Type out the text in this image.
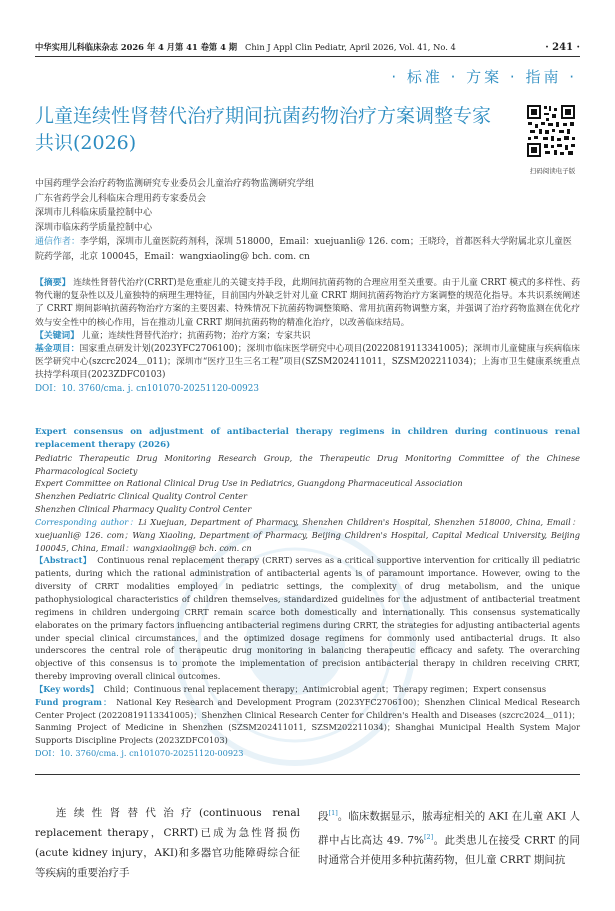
中华实用儿科临床杂志 2026 年 4 月第 41 卷第 4 期 Chin J Appl Clin Pediatr, April 2026, Vol. 41, No. 4	· 241 ·
· 标准 · 方案 · 指南 ·
儿童连续性肾替代治疗期间抗菌药物治疗方案调整专家共识(2026)
扫码阅读电子版

中国药理学会治疗药物监测研究专业委员会儿童治疗药物监测研究学组

广东省药学会儿科临床合理用药专家委员会

深圳市儿科临床质量控制中心

深圳市临床药学质量控制中心

通信作者：李学娟，深圳市儿童医院药剂科，深圳 518000，Email：xuejuanli@ 126. com；王晓玲，首都医科大学附属北京儿童医院药学部，北京 100045，Email：wangxiaoling@ bch. com. cn

【摘要】 连续性肾替代治疗(CRRT)是危重症儿的关键支持手段，此期间抗菌药物的合理应用至关重要。由于儿童 CRRT 模式的多样性、药物代谢的复杂性以及儿童独特的病理生理特征，目前国内外缺乏针对儿童 CRRT 期间抗菌药物治疗方案调整的规范化指导。本共识系统阐述了 CRRT 期间影响抗菌药物治疗方案的主要因素、特殊情况下抗菌药物调整策略、常用抗菌药物调整方案，并强调了治疗药物监测在优化疗效与安全性中的核心作用，旨在推动儿童 CRRT 期间抗菌药物的精准化治疗，以改善临床结局。

【关键词】 儿童；连续性肾替代治疗；抗菌药物；治疗方案；专家共识

基金项目：国家重点研发计划(2023YFC2706100)；深圳市临床医学研究中心项目(20220819113341005)；深圳市儿童健康与疾病临床医学研究中心(szcrc2024＿011)；深圳市“医疗卫生三名工程”项目(SZSM202411011，SZSM202211034)；上海市卫生健康系统重点扶持学科项目(2023ZDFC0103)

DOI：10. 3760/cma. j. cn101070-20251120-00923

Expert consensus on adjustment of antibacterial therapy regimens in children during continuous renal replacement therapy (2026)

Pediatric Therapeutic Drug Monitoring Research Group, the Therapeutic Drug Monitoring Committee of the Chinese Pharmacological Society

Expert Committee on Rational Clinical Drug Use in Pediatrics, Guangdong Pharmaceutical Association

Shenzhen Pediatric Clinical Quality Control Center

Shenzhen Clinical Pharmacy Quality Control Center

Corresponding author：Li Xuejuan, Department of Pharmacy, Shenzhen Children's Hospital, Shenzhen 518000, China, Email：xuejuanli@ 126. com；Wang Xiaoling, Department of Pharmacy, Beijing Children's Hospital, Capital Medical University, Beijing 100045, China, Email：wangxiaoling@ bch. com. cn

【Abstract】 Continuous renal replacement therapy (CRRT) serves as a critical supportive intervention for critically ill pediatric patients, during which the rational administration of antibacterial agents is of paramount importance. However, owing to the diversity of CRRT modalities employed in pediatric settings, the complexity of drug metabolism, and the unique pathophysiological characteristics of children themselves, standardized guidelines for the adjustment of antibacterial treatment regimens in children undergoing CRRT remain scarce both domestically and internationally. This consensus systematically elaborates on the primary factors influencing antibacterial regimens during CRRT, the strategies for adjusting antibacterial agents under special clinical circumstances, and the optimized dosage regimens for commonly used antibacterial drugs. It also underscores the central role of therapeutic drug monitoring in balancing therapeutic efficacy and safety. The overarching objective of this consensus is to promote the implementation of precision antibacterial therapy in children receiving CRRT, thereby improving overall clinical outcomes.

【Key words】 Child；Continuous renal replacement therapy；Antimicrobial agent；Therapy regimen；Expert consensus

Fund program： National Key Research and Development Program (2023YFC2706100)；Shenzhen Clinical Medical Research Center Project (20220819113341005)；Shenzhen Clinical Research Center for Children's Health and Diseases (szcrc2024＿011)；Sanming Project of Medicine in Shenzhen (SZSM202411011, SZSM202211034)；Shanghai Municipal Health System Major Supports Discipline Projects (2023ZDFC0103)

DOI：10. 3760/cma. j. cn101070-20251120-00923

连续性肾替代治疗(continuous renal replacement therapy，CRRT)已成为急性肾损伤(acute kidney injury，AKI)和多器官功能障碍综合征等疾病的重要治疗手

段[1]。临床数据显示，脓毒症相关的 AKI 在儿童 AKI 人群中占比高达 49. 7%[2]。此类患儿在接受 CRRT 的同时通常合并使用多种抗菌药物，但儿童 CRRT 期间抗
